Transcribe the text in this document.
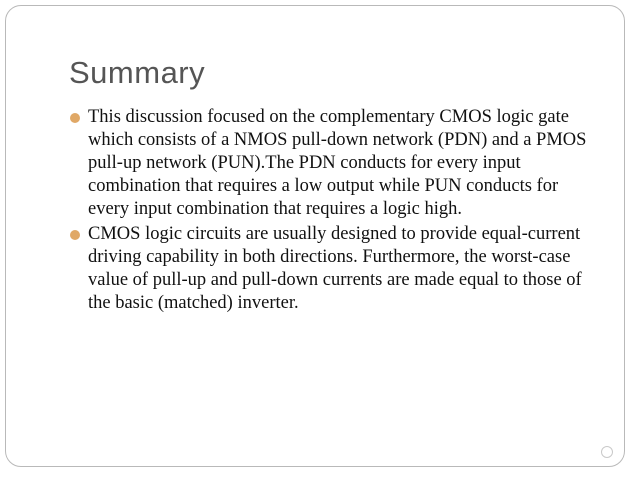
Summary
This discussion focused on the complementary CMOS logic gate which consists of a NMOS pull-down network (PDN) and a PMOS pull-up network (PUN).The PDN conducts for every input combination that requires a low output while PUN conducts for every input combination that requires a logic high.
CMOS logic circuits are usually designed to provide equal-current driving capability in both directions. Furthermore, the worst-case value of pull-up and pull-down currents are made equal to those of the basic (matched) inverter.
